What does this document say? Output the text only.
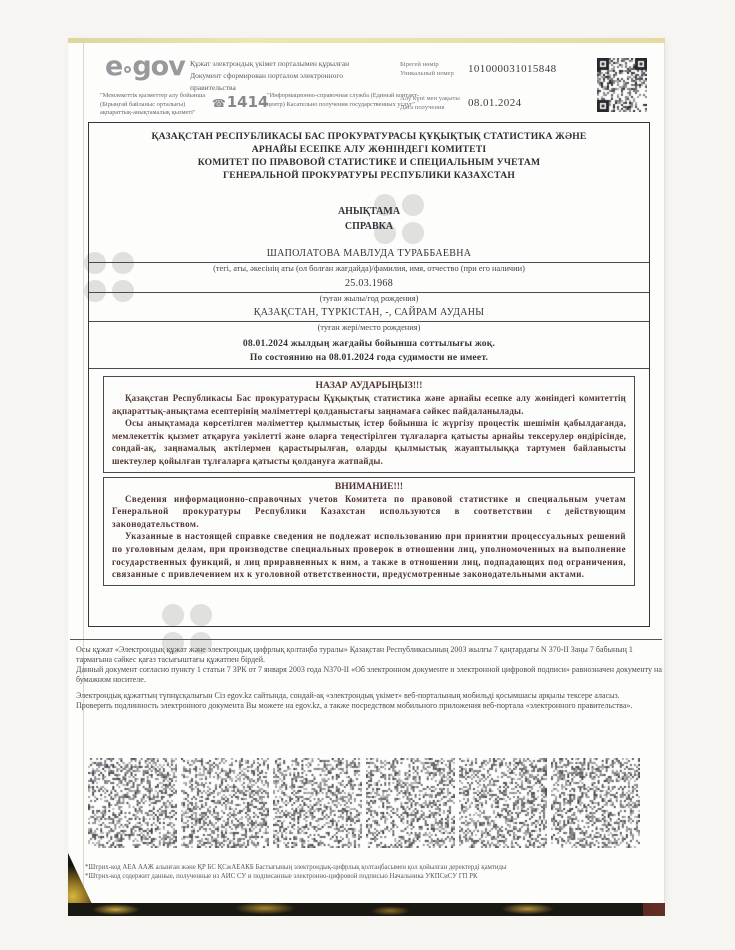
e gov Құжат электрондық үкімет порталымен құрылған
Документ сформирован порталом электронного правительства
"Мемлекеттік қызметтер алу бойынша (Бірыңғай байланыс орталығы) ақпараттық-анықтамалық қызметі"
☎1414
"Информационно-справочная служба (Единый контакт-центр) Касательно получения государственных услуг"
Бірегей нөмір
Уникальный номер	101000031015848
Алу күні мен уақыты
Дата получения	08.01.2024
ҚАЗАҚСТАН РЕСПУБЛИКАСЫ БАС ПРОКУРАТУРАСЫ ҚҰҚЫҚТЫҚ СТАТИСТИКА ЖӘНЕ
АРНАЙЫ ЕСЕПКЕ АЛУ ЖӨНІНДЕГІ КОМИТЕТІ
КОМИТЕТ ПО ПРАВОВОЙ СТАТИСТИКЕ И СПЕЦИАЛЬНЫМ УЧЕТАМ
ГЕНЕРАЛЬНОЙ ПРОКУРАТУРЫ РЕСПУБЛИКИ КАЗАХСТАН
АНЫҚТАМА
СПРАВКА
ШАПОЛАТОВА МАВЛУДА ТУРАББАЕВНА
(тегі, аты, әкесінің аты (ол болған жағдайда)/фамилия, имя, отчество (при его наличии)
25.03.1968
(туған жылы/год рождения)
ҚАЗАҚСТАН, ТҮРКІСТАН, -, САЙРАМ АУДАНЫ
(туған жері/место рождения)
08.01.2024 жылдың жағдайы бойынша соттылығы жоқ.
По состоянию на 08.01.2024 года судимости не имеет.
НАЗАР АУДАРЫҢЫЗ!!!

Қазақстан Республикасы Бас прокуратурасы Құқықтық статистика және арнайы есепке алу жөніндегі комитеттің ақпараттық-анықтама есептерінің мәліметтері қолданыстағы заңнамаға сәйкес пайдаланылады.

Осы анықтамада көрсетілген мәліметтер қылмыстық істер бойынша іс жүргізу процестік шешімін қабылдағанда, мемлекеттік қызмет атқаруға уәкілетті және оларға теңестірілген тұлғаларға қатысты арнайы тексерулер өндірісінде, сондай-ақ, заңнамалық актілермен қарастырылған, оларды қылмыстық жауаптылыққа тартумен байланысты шектеулер қойылған тұлғаларға қатысты қолдануға жатпайды.

ВНИМАНИЕ!!!

Сведения информационно-справочных учетов Комитета по правовой статистике и специальным учетам Генеральной прокуратуры Республики Казахстан используются в соответствии с действующим законодательством.

Указанные в настоящей справке сведения не подлежат использованию при принятии процессуальных решений по уголовным делам, при производстве специальных проверок в отношении лиц, уполномоченных на выполнение государственных функций, и лиц приравненных к ним, а также в отношении лиц, подпадающих под ограничения, связанные с привлечением их к уголовной ответственности, предусмотренные законодательными актами.

Осы құжат «Электрондық құжат және электрондық цифрлық қолтаңба туралы» Қазақстан Республикасының 2003 жылғы 7 қаңтардағы N 370-II Заңы 7 бабының 1 тармағына сәйкес қағаз тасығыштағы құжатпен бірдей.

Данный документ согласно пункту 1 статьи 7 ЗРК от 7 января 2003 года N370-II «Об электронном документе и электронной цифровой подписи» равнозначен документу на бумажном носителе.

Электрондық құжаттың түпнұсқалығын Сіз egov.kz сайтында, сондай-ақ «электрондық үкімет» веб-порталының мобильді қосымшасы арқылы тексере аласыз.

Проверить подлинность электронного документа Вы можете на egov.kz, а также посредством мобильного приложения веб-портала «электронного правительства».

*Штрих-код АЕА ААЖ алынған және ҚР БС ҚСжАЕАКБ Бастығының электрондық-цифрлық қолтаңбасымен қол қойылған деректерді қамтиды
*Штрих-код содержит данные, полученные из АИС СУ и подписанные электронно-цифровой подписью Начальника УКПСиСУ ГП РК
